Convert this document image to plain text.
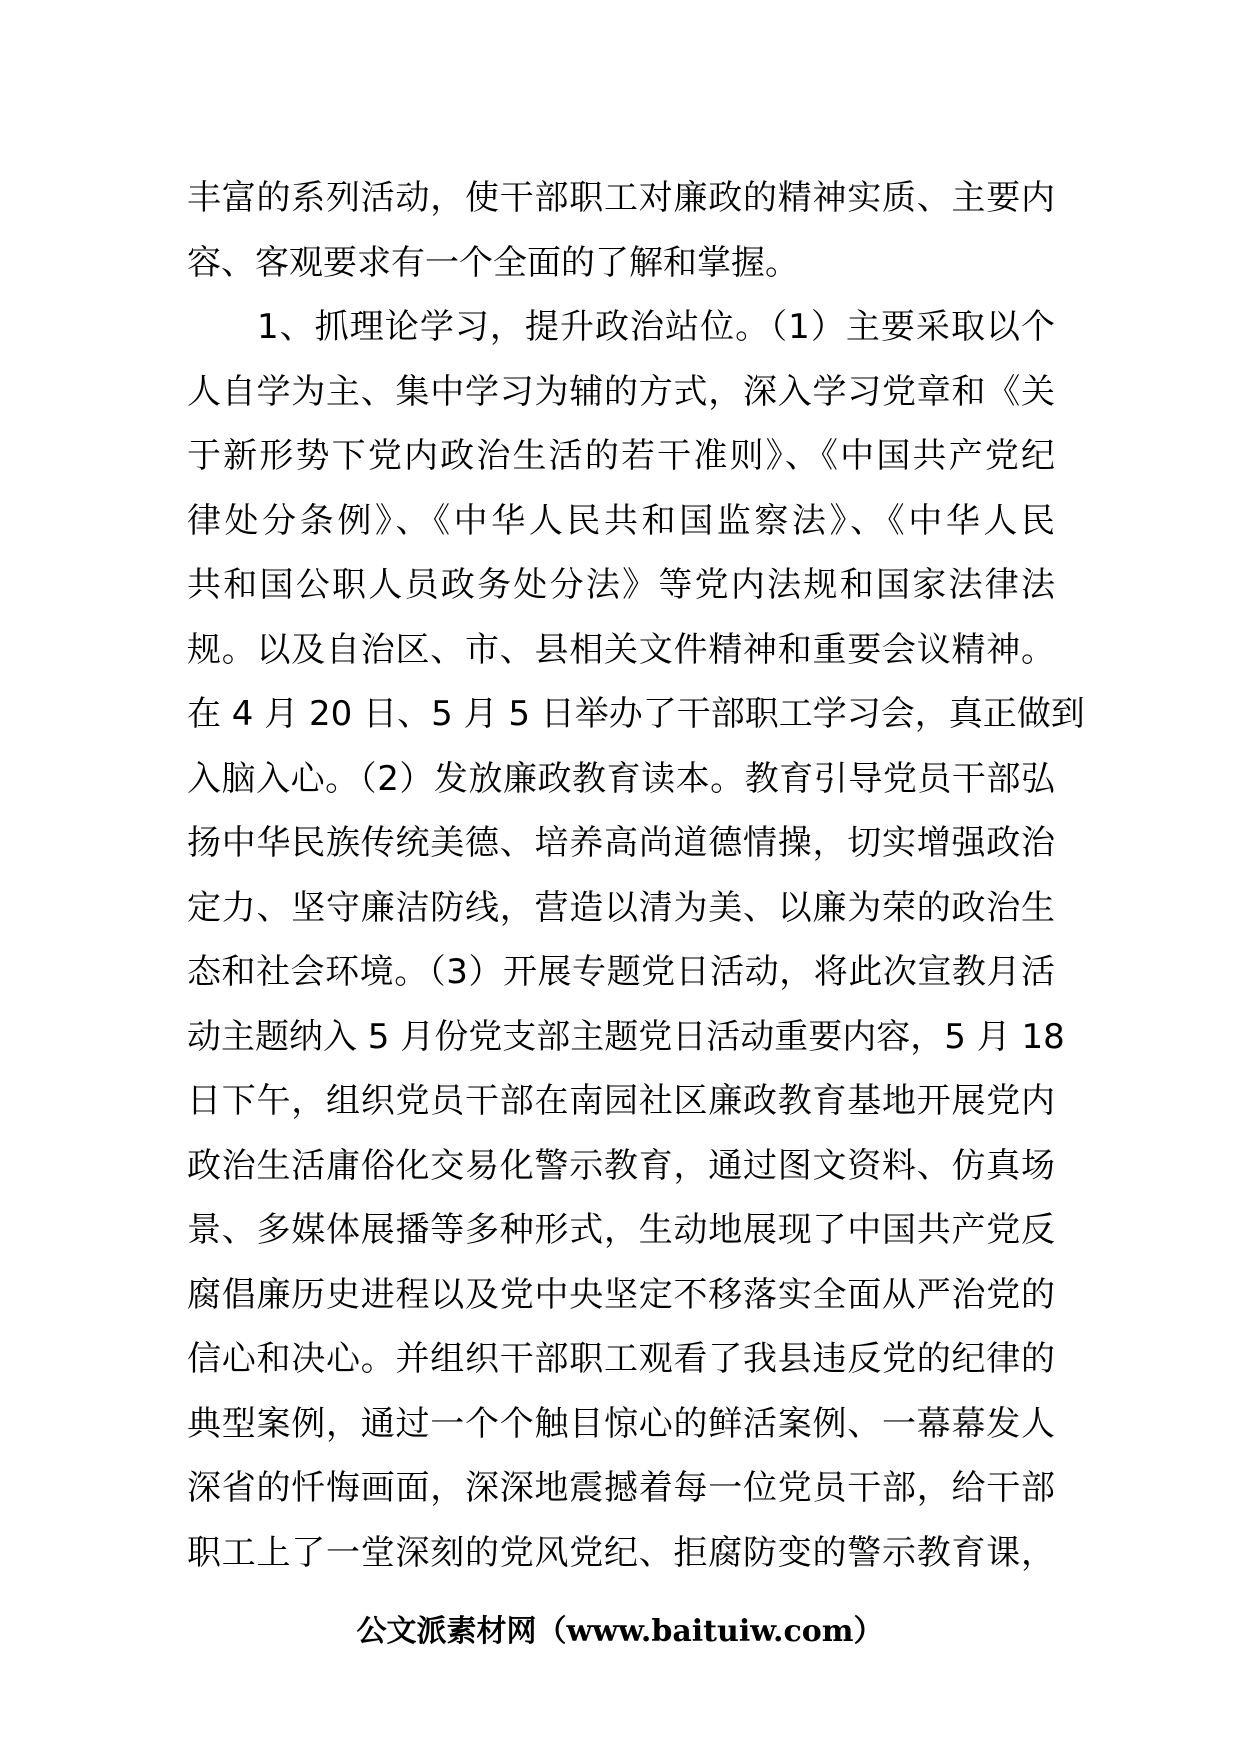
丰富的系列活动，使干部职工对廉政的精神实质、主要内
容、客观要求有一个全面的了解和掌握。
　　1、抓理论学习，提升政治站位。（1）主要采取以个
人自学为主、集中学习为辅的方式，深入学习党章和《关
于新形势下党内政治生活的若干准则》、《中国共产党纪
律处分条例》、《中华人民共和国监察法》、《中华人民
共和国公职人员政务处分法》等党内法规和国家法律法
规。以及自治区、市、县相关文件精神和重要会议精神。
在 4 月 20 日、5 月 5 日举办了干部职工学习会，真正做到
入脑入心。（2）发放廉政教育读本。教育引导党员干部弘
扬中华民族传统美德、培养高尚道德情操，切实增强政治
定力、坚守廉洁防线，营造以清为美、以廉为荣的政治生
态和社会环境。（3）开展专题党日活动，将此次宣教月活
动主题纳入 5 月份党支部主题党日活动重要内容，5 月 18
日下午，组织党员干部在南园社区廉政教育基地开展党内
政治生活庸俗化交易化警示教育，通过图文资料、仿真场
景、多媒体展播等多种形式，生动地展现了中国共产党反
腐倡廉历史进程以及党中央坚定不移落实全面从严治党的
信心和决心。并组织干部职工观看了我县违反党的纪律的
典型案例，通过一个个触目惊心的鲜活案例、一幕幕发人
深省的忏悔画面，深深地震撼着每一位党员干部，给干部
职工上了一堂深刻的党风党纪、拒腐防变的警示教育课，
公文派素材网（www.baituiw.com）
